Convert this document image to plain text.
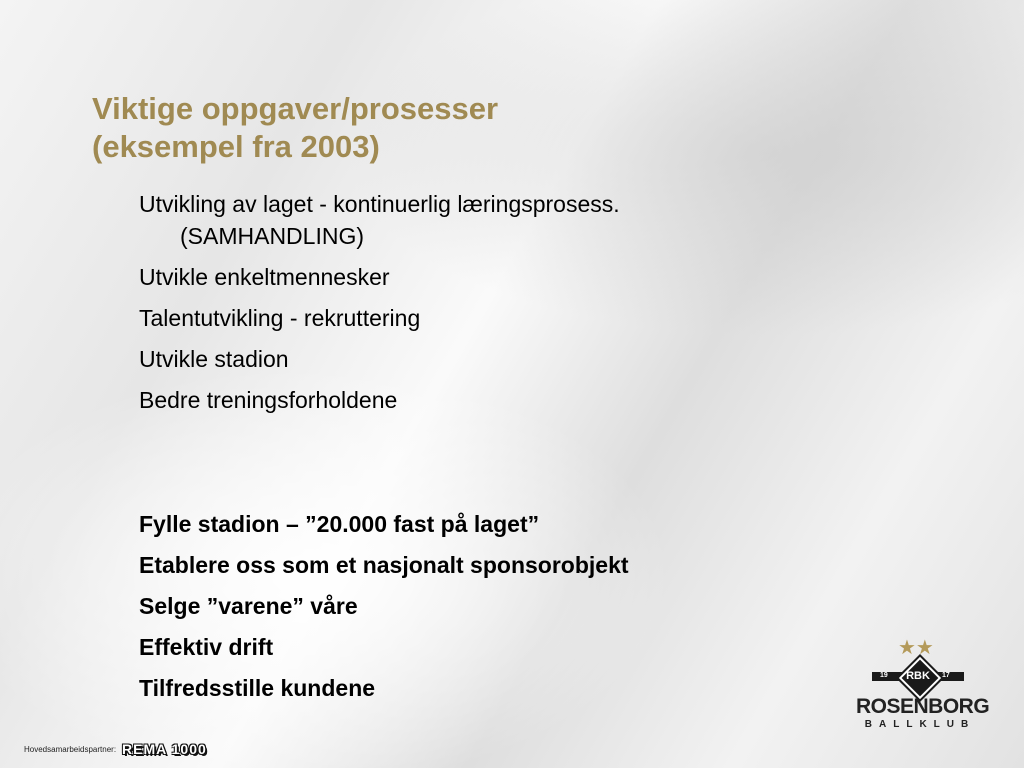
Viktige oppgaver/prosesser
(eksempel fra 2003)
Utvikling av laget - kontinuerlig læringsprosess.
(SAMHANDLING)
Utvikle enkeltmennesker
Talentutvikling - rekruttering
Utvikle stadion
Bedre treningsforholdene
Fylle stadion – ”20.000 fast på laget”
Etablere oss som et nasjonalt sponsorobjekt
Selge ”varene” våre
Effektiv drift
Tilfredsstille kundene
★★
19	RBK	17
ROSENBORG
BALLKLUB
Hovedsamarbeidspartner: REMA 1000
